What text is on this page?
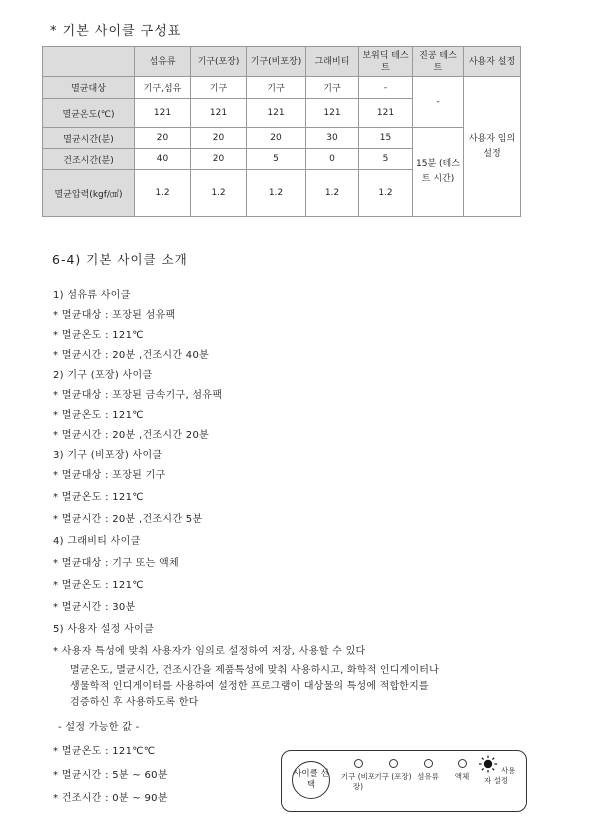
* 기본 사이클 구성표
	섬유류	기구(포장)	기구(비포장)	그래비티	보위딕 테스트	진공 테스트	사용자 설정
멸균대상	기구,섬유	기구	기구	기구	-	-	사용자 임의 설정
멸균온도(℃)	121	121	121	121	121		
멸균시간(분)	20	20	20	30	15	15분 (테스트 시간)	
건조시간(분)	40	20	5	0	5		
멸균압력(kgf/㎠)	1.2	1.2	1.2	1.2	1.2		
6-4) 기본 사이클 소개
1) 섬유류 사이클
* 멸균대상 : 포장된 섬유팩
* 멸균온도 : 121℃
* 멸균시간 : 20분 ,건조시간 40분
2) 기구 (포장) 사이클
* 멸균대상 : 포장된 금속기구, 섬유팩
* 멸균온도 : 121℃
* 멸균시간 : 20분 ,건조시간 20분
3) 기구 (비포장) 사이클
* 멸균대상 : 포장된 기구
* 멸균온도 : 121℃
* 멸균시간 : 20분 ,건조시간 5분
4) 그래비티 사이클
* 멸균대상 : 기구 또는 액체
* 멸균온도 : 121℃
* 멸균시간 : 30분
5) 사용자 설정 사이클
* 사용자 특성에 맞춰 사용자가 임의로 설정하여 저장, 사용할 수 있다
멸균온도, 멸균시간, 건조시간을 제품특성에 맞춰 사용하시고, 화학적 인디게이터나
생물학적 인디게이터를 사용하여 설정한 프로그램이 대상물의 특성에 적합한지를
검증하신 후 사용하도록 한다
- 설정 가능한 값 -
* 멸균온도 : 121℃℃
* 멸균시간 : 5분 ~ 60분
* 건조시간 : 0분 ~ 90분
사이클 선택
기구 (비포장)
기구 (포장) 섬유류	액체
사용자 설정
